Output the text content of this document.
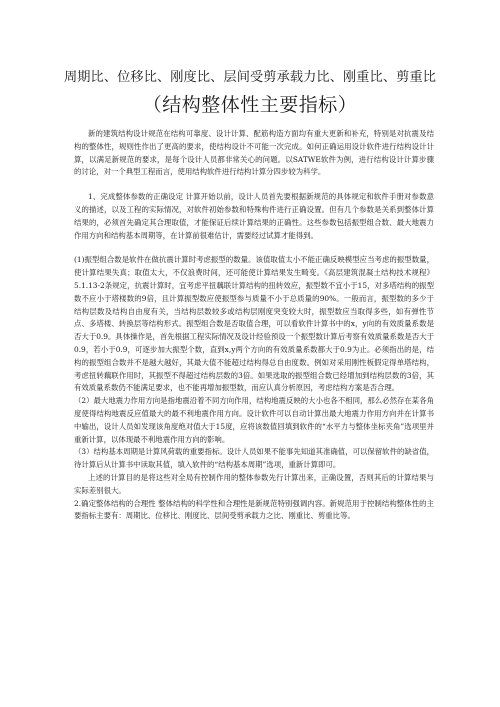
周期比、位移比、刚度比、层间受剪承载力比、刚重比、剪重比
（结构整体性主要指标）

新的建筑结构设计规范在结构可靠度、设计计算、配筋构造方面均有重大更新和补充，特别是对抗震及结构的整体性，规则性作出了更高的要求，使结构设计不可能一次完成。如何正确运用设计软件进行结构设计计算，以满足新规范的要求，是每个设计人员都非常关心的问题。以SATWE软件为例，进行结构设计计算步骤的讨论，对一个典型工程而言，使用结构软件进行结构计算分四步较为科学。

1、完成整体参数的正确设定 计算开始以前，设计人员首先要根据新规范的具体规定和软件手册对参数意义的描述，以及工程的实际情况，对软件初始参数和特殊构件进行正确设置。但有几个参数是关系到整体计算结果的，必须首先确定其合理取值，才能保证后续计算结果的正确性。这些参数包括振型组合数、最大地震力作用方向和结构基本周期等，在计算前很难估计，需要经过试算才能得到。

(1)振型组合数是软件在做抗震计算时考虑振型的数量。该值取值太小不能正确反映模型应当考虑的振型数量，使计算结果失真；取值太大，不仅浪费时间，还可能使计算结果发生畸变。《高层建筑混凝土结构技术规程》5.1.13-2条规定，抗震计算时，宜考虑平扭藕联计算结构的扭转效应，振型数不宜小于15，对多塔结构的振型数不应小于塔楼数的9倍，且计算振型数应使振型参与质量不小于总质量的90%。一般而言，振型数的多少于结构层数及结构自由度有关，当结构层数较多或结构层刚度突变较大时，振型数应当取得多些，如有弹性节点、多塔楼、转换层等结构形式。振型组合数是否取值合理，可以看软件计算书中的x，y向的有效质量系数是否大于0.9。具体操作是，首先根据工程实际情况及设计经验预设一个振型数计算后考察有效质量系数是否大于0.9，若小于0.9，可逐步加大振型个数，直到x,y两个方向的有效质量系数都大于0.9为止。必须指出的是，结构的振型组合数并不是越大越好，其最大值不能超过结构得总自由度数。例如对采用刚性板假定得单塔结构，考虑扭转藕联作用时，其振型不得超过结构层数的3倍。如果选取的振型组合数已经增加到结构层数的3倍，其有效质量系数仍不能满足要求，也不能再增加振型数，而应认真分析原因，考虑结构方案是否合理。

（2）最大地震力作用方向是指地震沿着不同方向作用，结构地震反映的大小也各不相同，那么必然存在某各角度使得结构地震反应值最大的最不利地震作用方向。设计软件可以自动计算出最大地震力作用方向并在计算书中输出，设计人员如发现该角度绝对值大于15度，应将该数值回填到软件的“水平力与整体坐标夹角”选项里并重新计算，以体现最不利地震作用方向的影响。

（3）结构基本周期是计算风荷载的重要指标。设计人员如果不能事先知道其准确值，可以保留软件的缺省值，待计算后从计算书中读取其值，填入软件的“结构基本周期”选项，重新计算即可。

上述的计算目的是将这些对全局有控制作用的整体参数先行计算出来，正确设置，否则其后的计算结果与实际差别很大。

2.确定整体结构的合理性 整体结构的科学性和合理性是新规范特别强调内容。新规范用于控制结构整体性的主要指标主要有：周期比、位移比、刚度比、层间受剪承载力之比、刚重比、剪重比等。
